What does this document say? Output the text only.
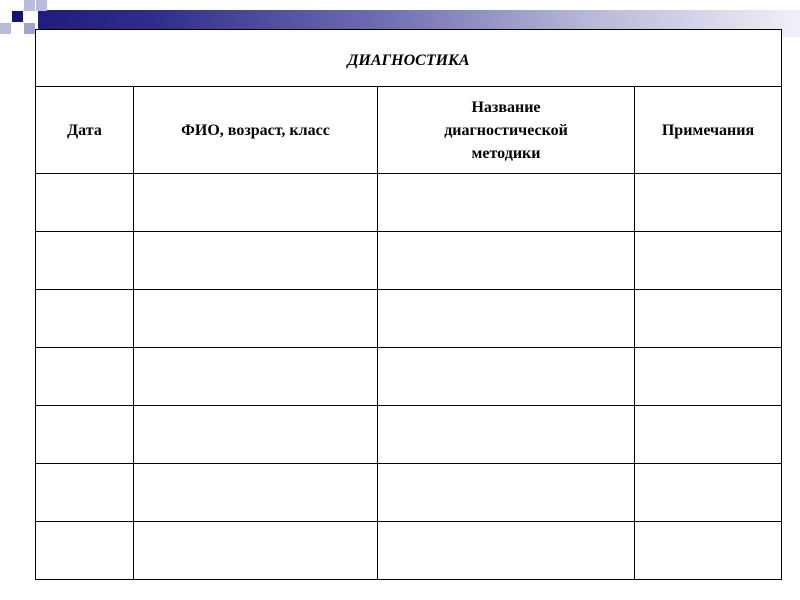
ДИАГНОСТИКА			
Дата	ФИО, возраст, класс	Название диагностической методики	Примечания
